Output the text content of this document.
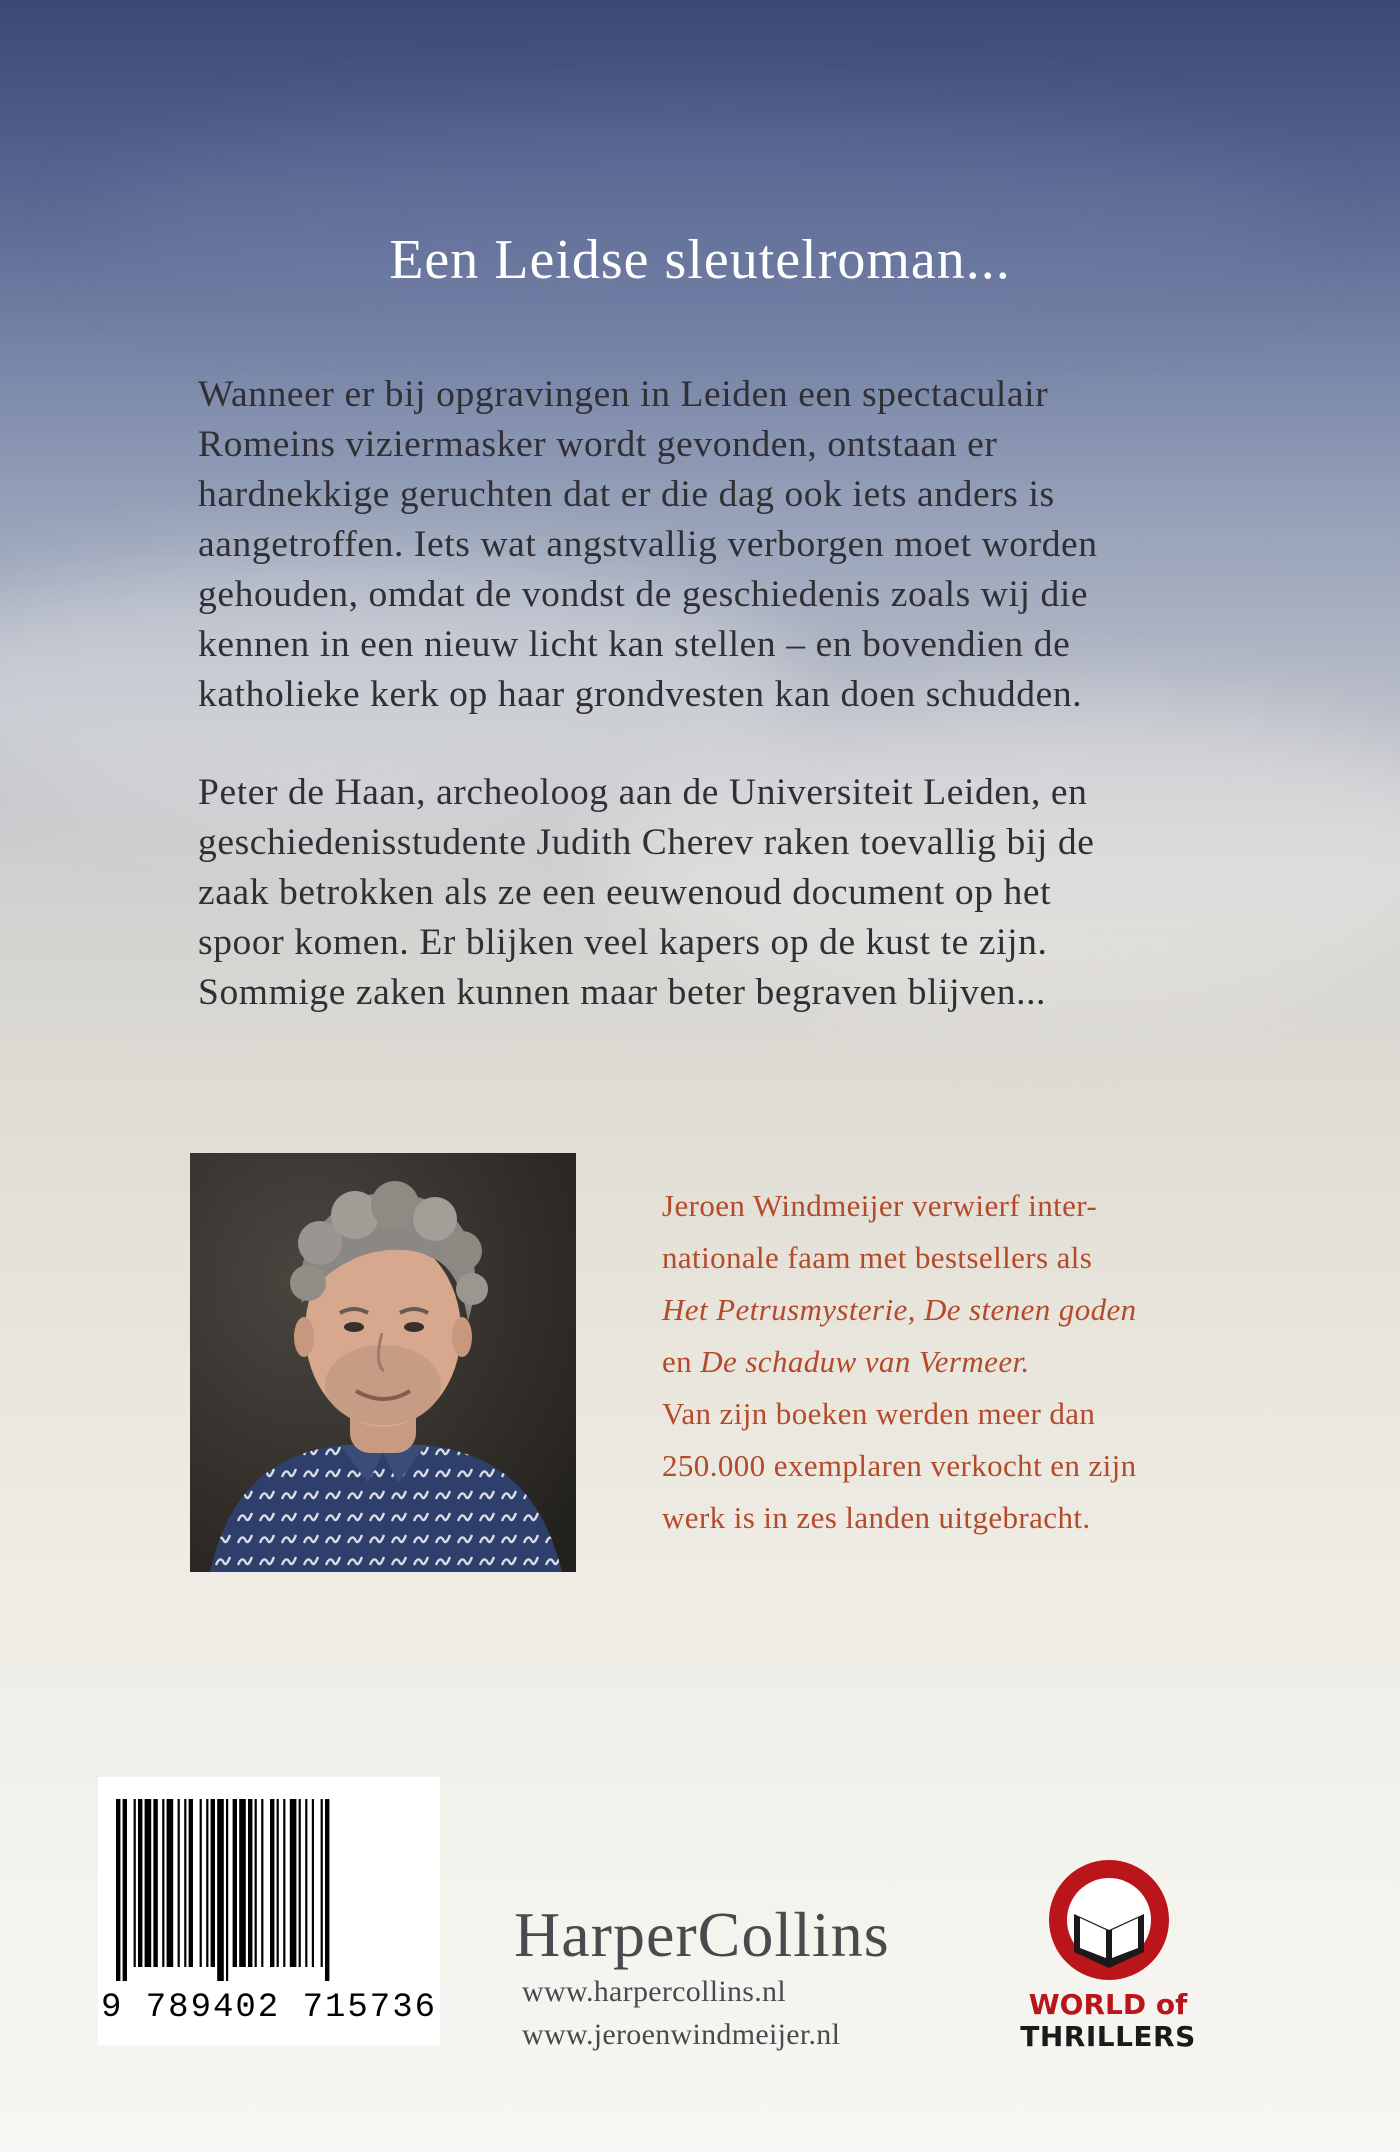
Een Leidse sleutelroman...

Wanneer er bij opgravingen in Leiden een spectaculair
Romeins viziermasker wordt gevonden, ontstaan er
hardnekkige geruchten dat er die dag ook iets anders is
aangetroffen. Iets wat angstvallig verborgen moet worden
gehouden, omdat de vondst de geschiedenis zoals wij die
kennen in een nieuw licht kan stellen – en bovendien de
katholieke kerk op haar grondvesten kan doen schudden.

Peter de Haan, archeoloog aan de Universiteit Leiden, en
geschiedenisstudente Judith Cherev raken toevallig bij de
zaak betrokken als ze een eeuwenoud document op het
spoor komen. Er blijken veel kapers op de kust te zijn.
Sommige zaken kunnen maar beter begraven blijven...

Jeroen Windmeijer verwierf inter-
nationale faam met bestsellers als
Het Petrusmysterie, De stenen goden
en De schaduw van Vermeer.
Van zijn boeken werden meer dan
250.000 exemplaren verkocht en zijn
werk is in zes landen uitgebracht.

9 789402 715736
HarperCollins
www.harpercollins.nl
www.jeroenwindmeijer.nl
WORLD of
THRILLERS
